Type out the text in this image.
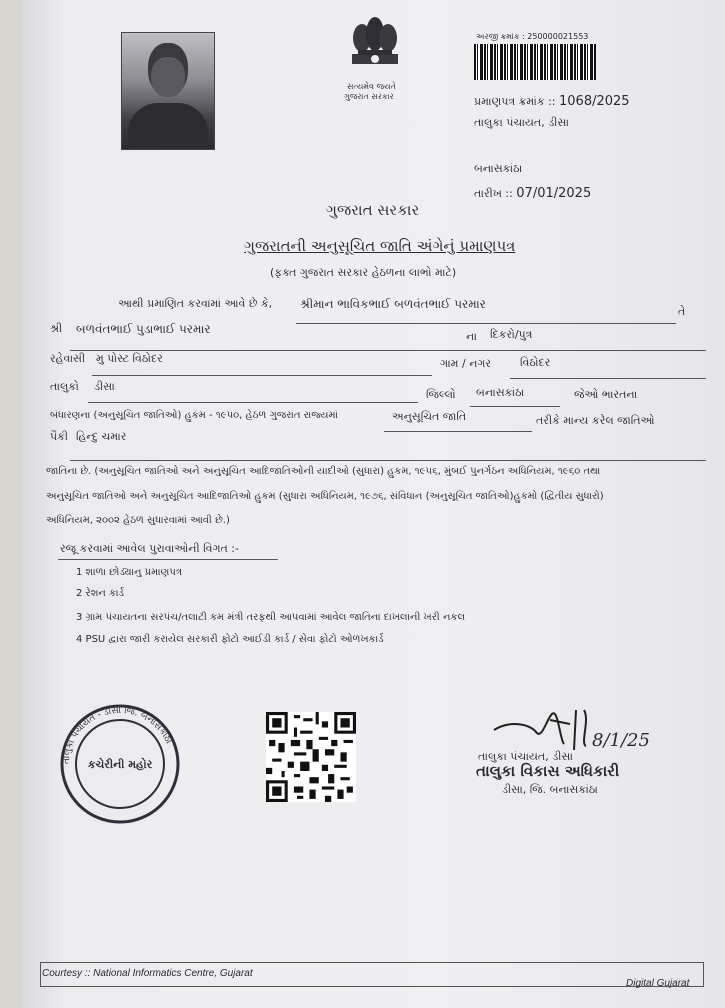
સત્યમેવ જયતે
ગુજરાત સરકાર
અરજી ક્રમાંક : 250000021553
પ્રમાણપત્ર ક્રમાંક :: 1068/2025
તાલુકા પંચાયત, ડીસા
બનાસકાંઠા
તારીખ :: 07/01/2025
ગુજરાત સરકાર
ગુજરાતની અનુસૂચિત જાતિ અંગેનું પ્રમાણપત્ર
(ફક્ત ગુજરાત સરકાર હેઠળના લાભો માટે)
આથી પ્રમાણિત કરવામાં આવે છે કે, શ્રીમાન ભાવિકભાઈ બળવંતભાઈ પરમાર
તે
શ્રી બળવંતભાઈ પુડાભાઈ પરમાર
ના દિકરો/પુત્ર
રહેવાસી મુ પોસ્ટ વિઠોદર	ગામ / નગર	વિઠોદર
તાલુકો ડીસા
જિલ્લો બનાસકાંઠા	જેઓ ભારતના
બંધારણના (અનુસૂચિત જાતિઓ) હુકમ - ૧૯૫૦, હેઠળ ગુજરાત રાજ્યમાં	અનુસૂચિત જાતિ	તરીકે માન્ય કરેલ જાતિઓ
પૈકી હિન્દુ ચમાર
જાતિના છે. (અનુસૂચિત જાતિઓ અને અનુસૂચિત આદિજાતિઓની યાદીઓ (સુધારા) હુકમ, ૧૯૫૬, મુંબઈ પુનર્ગઠન અધિનિયમ, ૧૯૬૦ તથા
અનુસૂચિત જાતિઓ અને અનુસૂચિત આદિજાતિઓ હુકમ (સુધારા અધિનિયમ, ૧૯૭૬, સંવિધાન (અનુસૂચિત જાતિઓ)હુકમો (દ્વિતીય સુધારો)
અધિનિયમ, ૨૦૦૨ હેઠળ સુધારવામાં આવી છે.)
રજૂ કરવામાં આવેલ પુરાવાઓની વિગત :-
1 શાળા છોડ્યાનુ પ્રમાણપત્ર
2 રેશન કાર્ડ
3 ગ્રામ પંચાયતના સરપંચ/તલાટી કમ મંત્રી તરફથી આપવામાં આવેલ જાતિના દાખલાની ખરી નકલ
4 PSU દ્વારા જારી કરાયેલ સરકારી ફોટો આઈડી કાર્ડ / સેવા ફોટો ઓળખકાર્ડ
તાલુકા પંચાયત - ડીસા જિ. બનાસકાંઠા
કચેરીની મહોર
8/1/25
તાલુકા પંચાયત, ડીસા
તાલુકા વિકાસ અધિકારી
ડીસા, જિ. બનાસકાંઠા
Courtesy :: National Informatics Centre, Gujarat
Digital Gujarat
